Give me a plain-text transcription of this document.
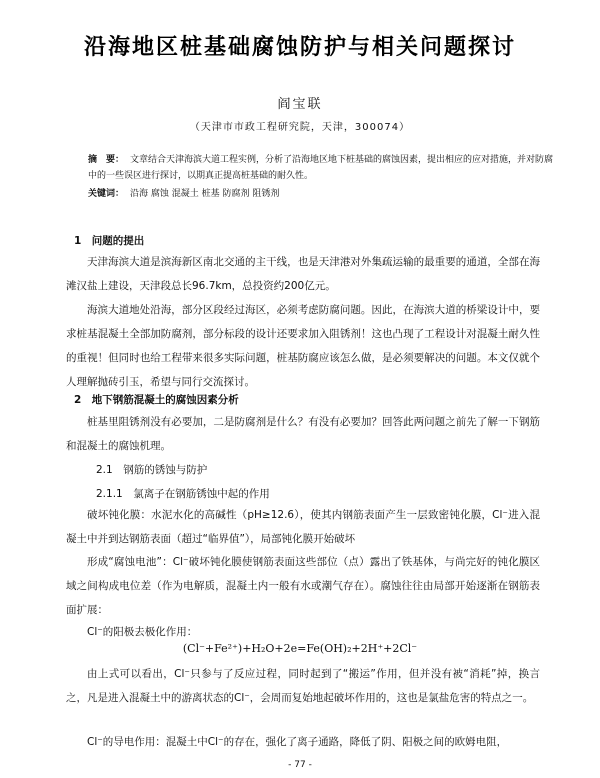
沿海地区桩基础腐蚀防护与相关问题探讨
阎宝联
（天津市市政工程研究院，天津，300074）
摘　要： 文章结合天津海滨大道工程实例，分析了沿海地区地下桩基础的腐蚀因素，提出相应的应对措施，并对防腐中的一些误区进行探讨，以期真正提高桩基础的耐久性。
关键词： 沿海 腐蚀 混凝土 桩基 防腐剂 阻锈剂
1　问题的提出
天津海滨大道是滨海新区南北交通的主干线，也是天津港对外集疏运输的最重要的通道，全部在海滩汉盐上建设，天津段总长96.7km，总投资约200亿元。
海滨大道地处沿海，部分区段经过海区，必须考虑防腐问题。因此，在海滨大道的桥梁设计中，要求桩基混凝土全部加防腐剂，部分标段的设计还要求加入阻锈剂！这也凸现了工程设计对混凝土耐久性的重视！但同时也给工程带来很多实际问题，桩基防腐应该怎么做，是必须要解决的问题。本文仅就个人理解抛砖引玉，希望与同行交流探讨。
2　地下钢筋混凝土的腐蚀因素分析
桩基里阻锈剂没有必要加，二是防腐剂是什么？有没有必要加？回答此两问题之前先了解一下钢筋和混凝土的腐蚀机理。
2.1　钢筋的锈蚀与防护
2.1.1　氯离子在钢筋锈蚀中起的作用
破坏钝化膜：水泥水化的高碱性（pH≥12.6），使其内钢筋表面产生一层致密钝化膜，Cl⁻进入混凝土中并到达钢筋表面（超过“临界值”），局部钝化膜开始破坏
形成“腐蚀电池”：Cl⁻破坏钝化膜使钢筋表面这些部位（点）露出了铁基体，与尚完好的钝化膜区域之间构成电位差（作为电解质，混凝土内一般有水或潮气存在）。腐蚀往往由局部开始逐渐在钢筋表面扩展：
Cl⁻的阳极去极化作用：
(Cl⁻+Fe²⁺)+H₂O+2e=Fe(OH)₂+2H⁺+2Cl⁻
由上式可以看出，Cl⁻只参与了反应过程，同时起到了“搬运”作用，但并没有被“消耗”掉，换言之，凡是进入混凝土中的游离状态的Cl⁻，会周而复始地起破坏作用的，这也是氯盐危害的特点之一。
Cl⁻的导电作用：混凝土中Cl⁻的存在，强化了离子通路，降低了阴、阳极之间的欧姆电阻，
- 77 -
